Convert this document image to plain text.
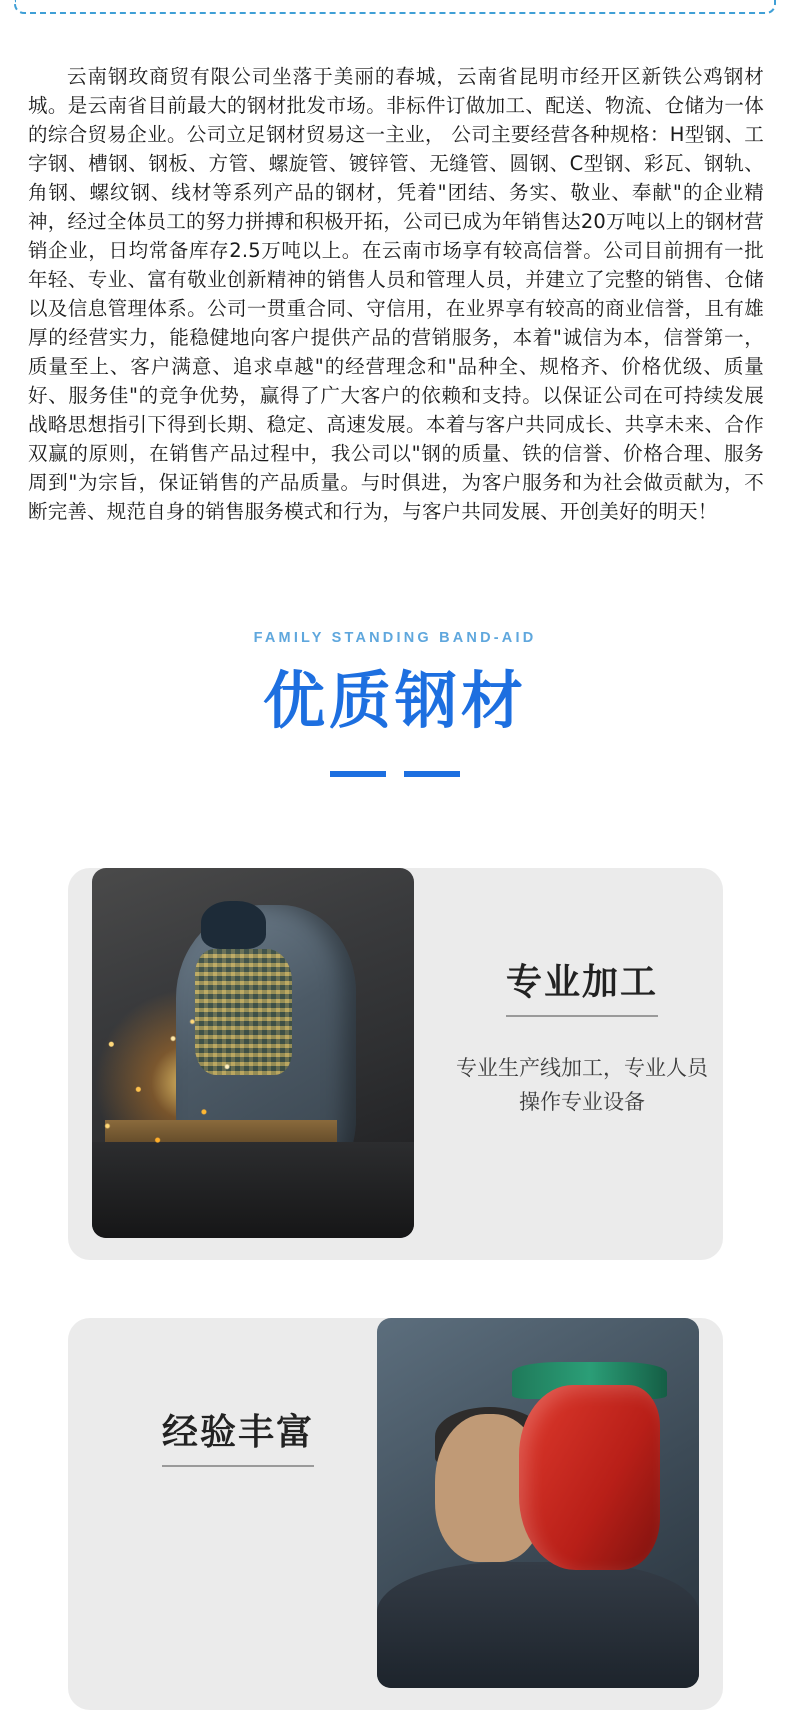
云南钢玫商贸有限公司坐落于美丽的春城，云南省昆明市经开区新铁公鸡钢材城。是云南省目前最大的钢材批发市场。非标件订做加工、配送、物流、仓储为一体的综合贸易企业。公司立足钢材贸易这一主业， 公司主要经营各种规格：H型钢、工字钢、槽钢、钢板、方管、螺旋管、镀锌管、无缝管、圆钢、C型钢、彩瓦、钢轨、角钢、螺纹钢、线材等系列产品的钢材，凭着"团结、务实、敬业、奉献"的企业精神，经过全体员工的努力拼搏和积极开拓，公司已成为年销售达20万吨以上的钢材营销企业，日均常备库存2.5万吨以上。在云南市场享有较高信誉。公司目前拥有一批年轻、专业、富有敬业创新精神的销售人员和管理人员，并建立了完整的销售、仓储以及信息管理体系。公司一贯重合同、守信用，在业界享有较高的商业信誉，且有雄厚的经营实力，能稳健地向客户提供产品的营销服务，本着"诚信为本，信誉第一，质量至上、客户满意、追求卓越"的经营理念和"品种全、规格齐、价格优级、质量好、服务佳"的竞争优势，赢得了广大客户的依赖和支持。以保证公司在可持续发展战略思想指引下得到长期、稳定、高速发展。本着与客户共同成长、共享未来、合作双赢的原则，在销售产品过程中，我公司以"钢的质量、铁的信誉、价格合理、服务周到"为宗旨，保证销售的产品质量。与时俱进，为客户服务和为社会做贡献为，不断完善、规范自身的销售服务模式和行为，与客户共同发展、开创美好的明天！
FAMILY STANDING BAND-AID
优质钢材
专业加工
专业生产线加工，专业人员操作专业设备
经验丰富
